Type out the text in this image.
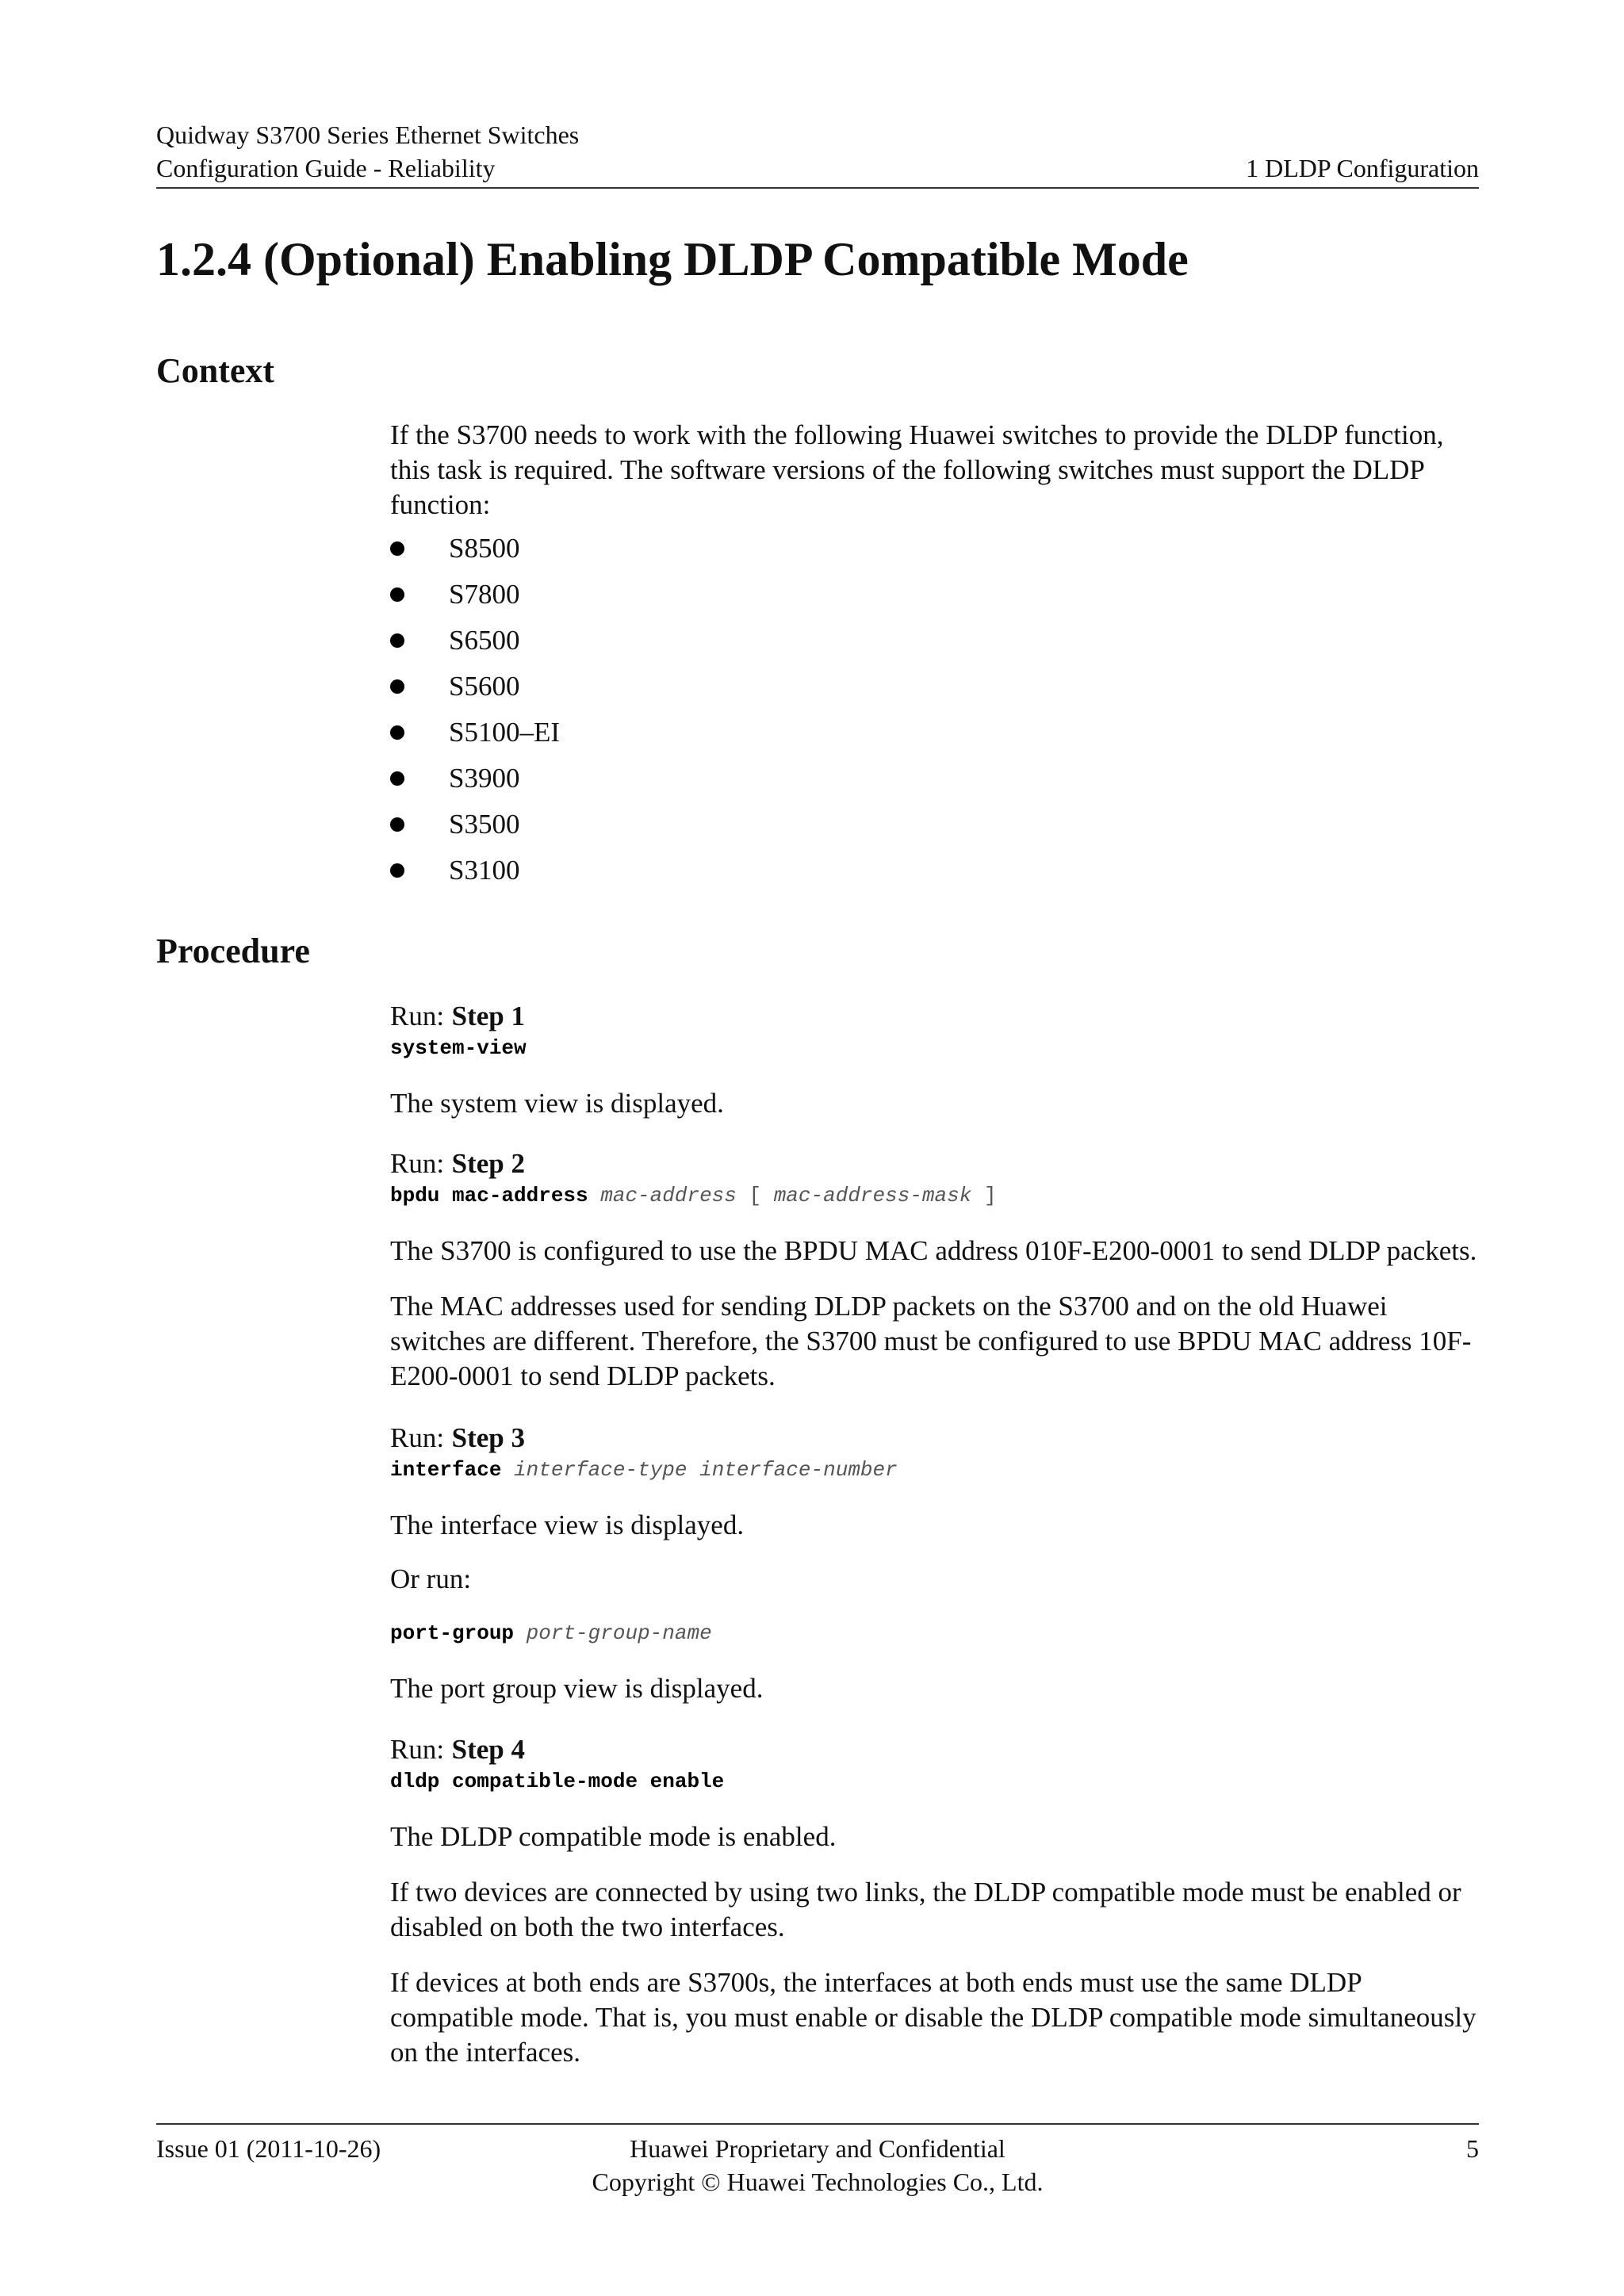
Quidway S3700 Series Ethernet Switches
Configuration Guide - Reliability	1 DLDP Configuration
1.2.4 (Optional) Enabling DLDP Compatible Mode
Context

If the S3700 needs to work with the following Huawei switches to provide the DLDP function, this task is required. The software versions of the following switches must support the DLDP function:

S8500
S7800
S6500
S5600
S5100–EI
S3900
S3500
S3100
Procedure
Step 1
Run:
system-view

The system view is displayed.

Step 2
Run:
bpdu mac-address mac-address [ mac-address-mask ]

The S3700 is configured to use the BPDU MAC address 010F-E200-0001 to send DLDP packets.

The MAC addresses used for sending DLDP packets on the S3700 and on the old Huawei switches are different. Therefore, the S3700 must be configured to use BPDU MAC address 10F-E200-0001 to send DLDP packets.

Step 3
Run:
interface interface-type interface-number

The interface view is displayed.

Or run:

port-group port-group-name

The port group view is displayed.

Step 4
Run:
dldp compatible-mode enable

The DLDP compatible mode is enabled.

If two devices are connected by using two links, the DLDP compatible mode must be enabled or disabled on both the two interfaces.

If devices at both ends are S3700s, the interfaces at both ends must use the same DLDP compatible mode. That is, you must enable or disable the DLDP compatible mode simultaneously on the interfaces.

Issue 01 (2011-10-26)	Huawei Proprietary and Confidential
Copyright © Huawei Technologies Co., Ltd.
5
